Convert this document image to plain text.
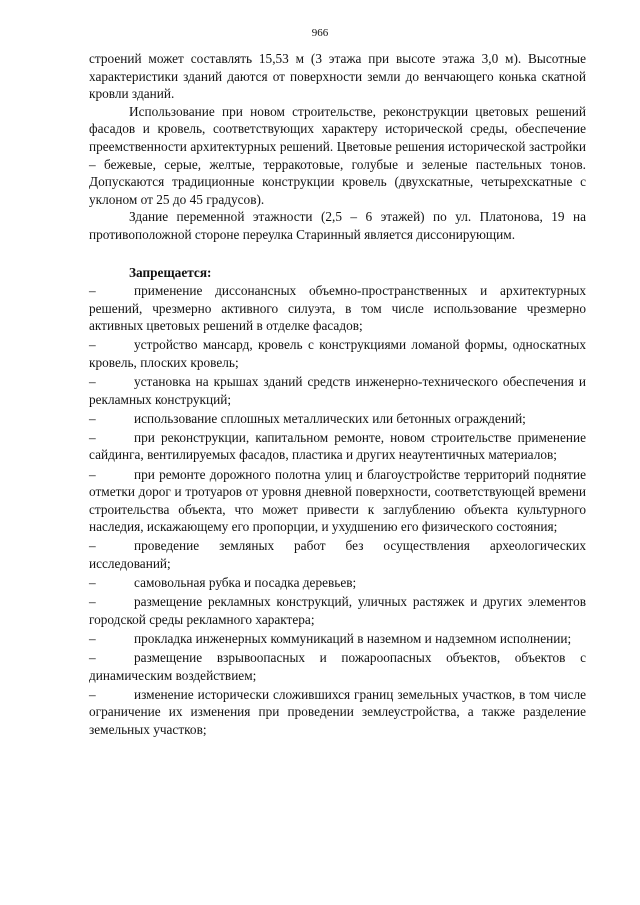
966

строений может составлять 15,53 м (3 этажа при высоте этажа 3,0 м). Высотные характеристики зданий даются от поверхности земли до венчающего конька скатной кровли зданий.

Использование при новом строительстве, реконструкции цветовых решений фасадов и кровель, соответствующих характеру исторической среды, обеспечение преемственности архитектурных решений. Цветовые решения исторической застройки – бежевые, серые, желтые, терракотовые, голубые и зеленые пастельных тонов. Допускаются традиционные конструкции кровель (двухскатные, четырехскатные с уклоном от 25 до 45 градусов).

Здание переменной этажности (2,5 – 6 этажей) по ул. Платонова, 19 на противоположной стороне переулка Старинный является диссонирующим.

Запрещается:

–	применение диссонансных объемно-пространственных и архитектурных решений, чрезмерно активного силуэта, в том числе использование чрезмерно активных цветовых решений в отделке фасадов;

–	устройство мансард, кровель с конструкциями ломаной формы, односкатных кровель, плоских кровель;

–	установка на крышах зданий средств инженерно-технического обеспечения и рекламных конструкций;

–	использование сплошных металлических или бетонных ограждений;

–	при реконструкции, капитальном ремонте, новом строительстве применение сайдинга, вентилируемых фасадов, пластика и других неаутентичных материалов;

–	при ремонте дорожного полотна улиц и благоустройстве территорий поднятие отметки дорог и тротуаров от уровня дневной поверхности, соответствующей времени строительства объекта, что может привести к заглублению объекта культурного наследия, искажающему его пропорции, и ухудшению его физического состояния;

–	проведение земляных работ без осуществления археологических исследований;

–	самовольная рубка и посадка деревьев;

–	размещение рекламных конструкций, уличных растяжек и других элементов городской среды рекламного характера;

–	прокладка инженерных коммуникаций в наземном и надземном исполнении;

–	размещение взрывоопасных и пожароопасных объектов, объектов с динамическим воздействием;

–	изменение исторически сложившихся границ земельных участков, в том числе ограничение их изменения при проведении землеустройства, а также разделение земельных участков;
